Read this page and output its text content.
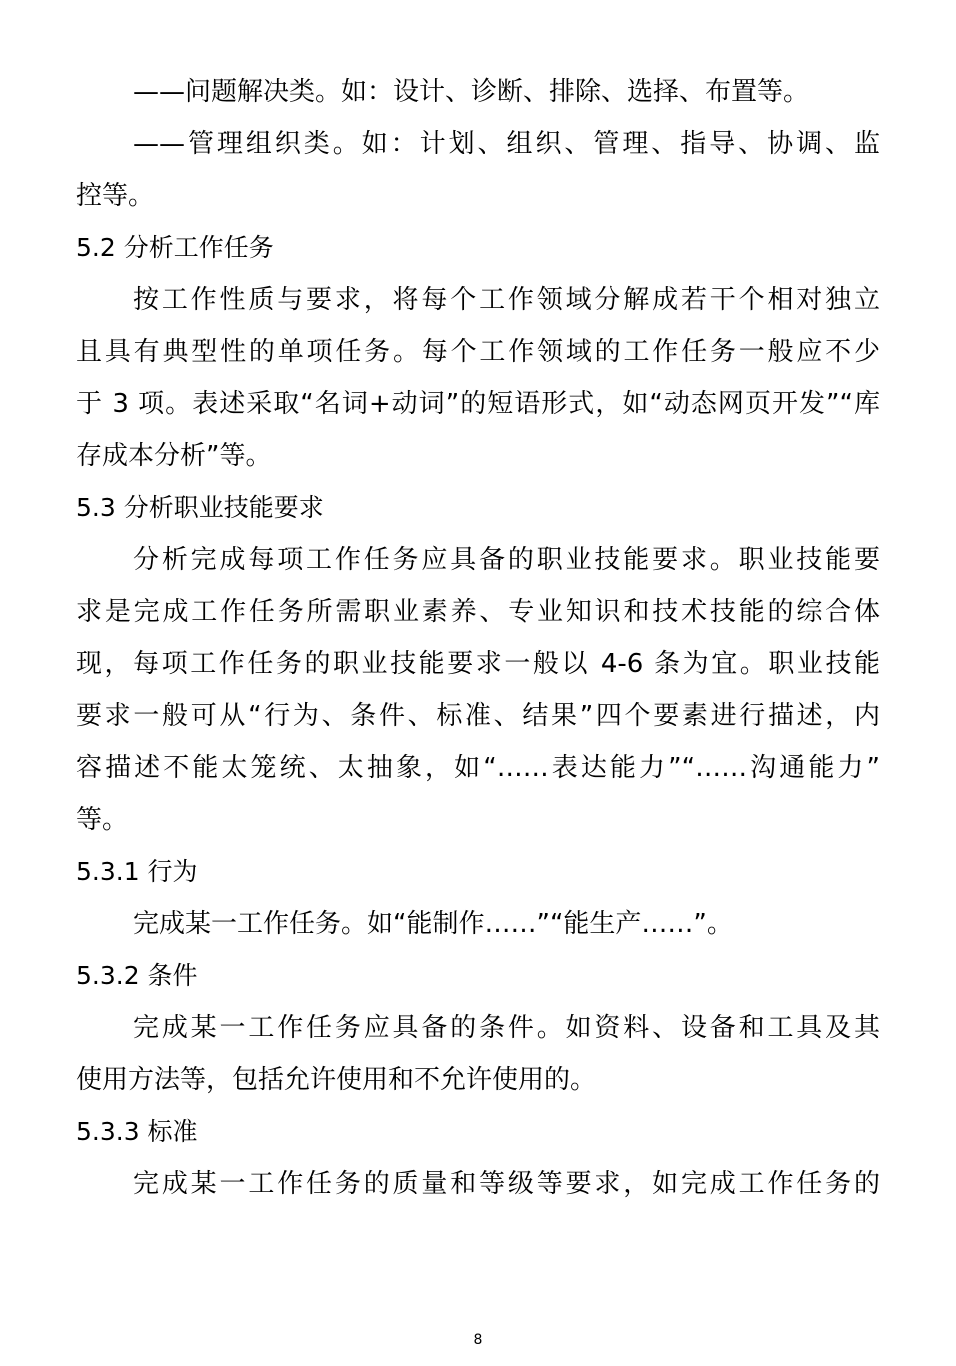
——问题解决类。如：设计、诊断、排除、选择、布置等。
——管理组织类。如：计划、组织、管理、指导、协调、监
控等。
5.2 分析工作任务
按工作性质与要求，将每个工作领域分解成若干个相对独立
且具有典型性的单项任务。每个工作领域的工作任务一般应不少
于 3 项。表述采取“名词+动词”的短语形式，如“动态网页开发”“库
存成本分析”等。
5.3 分析职业技能要求
分析完成每项工作任务应具备的职业技能要求。职业技能要
求是完成工作任务所需职业素养、专业知识和技术技能的综合体
现，每项工作任务的职业技能要求一般以 4-6 条为宜。职业技能
要求一般可从“行为、条件、标准、结果”四个要素进行描述，内
容描述不能太笼统、太抽象，如“……表达能力”“……沟通能力”
等。
5.3.1 行为
完成某一工作任务。如“能制作……”“能生产……”。
5.3.2 条件
完成某一工作任务应具备的条件。如资料、设备和工具及其
使用方法等，包括允许使用和不允许使用的。
5.3.3 标准
完成某一工作任务的质量和等级等要求，如完成工作任务的
8
